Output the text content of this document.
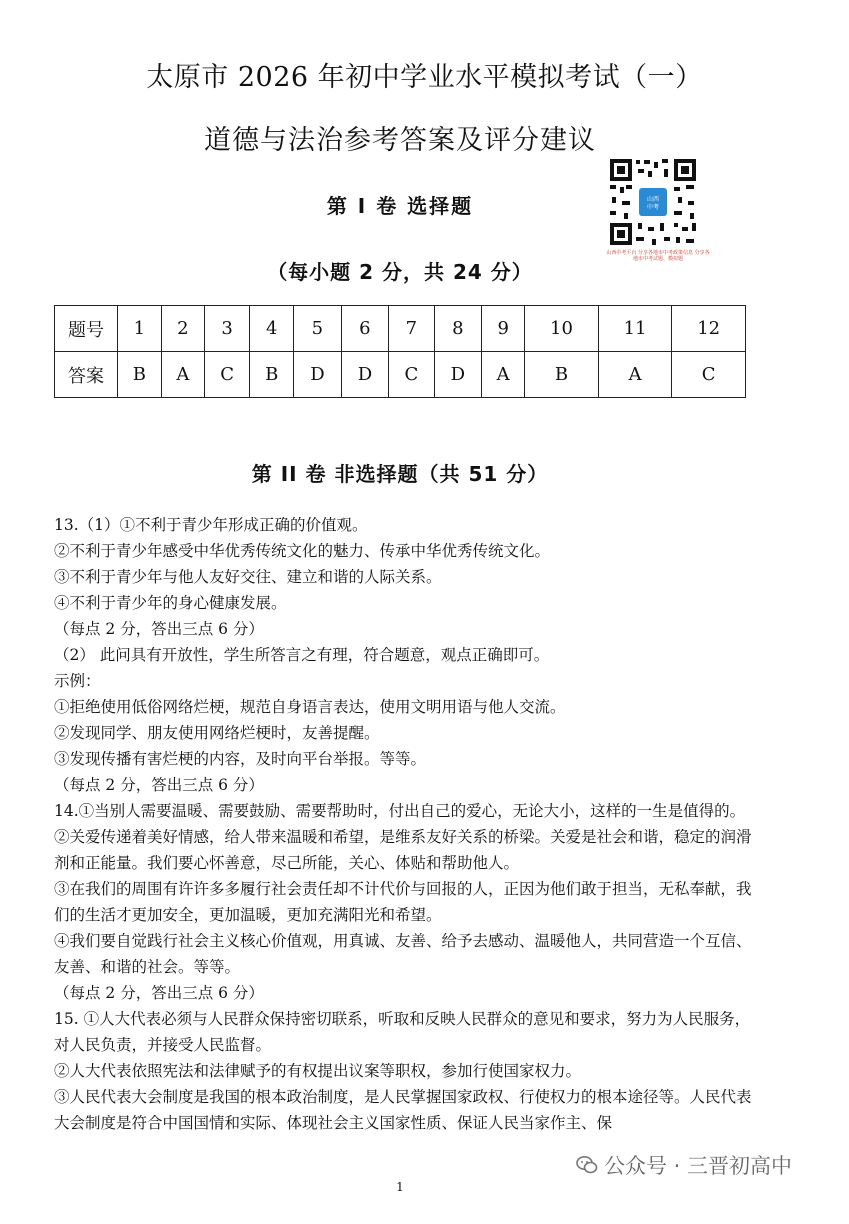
太原市 2026 年初中学业水平模拟考试（一）
道德与法治参考答案及评分建议
山西
中考
山西中考平台 分享各地市中考政策信息 分享各地市中考试题、模拟题
第 I 卷 选择题
（每小题 2 分，共 24 分）
题号	1	2	3	4	5	6	7	8	9	10	11	12
答案	B	A	C	B	D	D	C	D	A	B	A	C
第 II 卷 非选择题（共 51 分）

13.（1）①不利于青少年形成正确的价值观。

②不利于青少年感受中华优秀传统文化的魅力、传承中华优秀传统文化。

③不利于青少年与他人友好交往、建立和谐的人际关系。

④不利于青少年的身心健康发展。

（每点 2 分，答出三点 6 分）

（2） 此问具有开放性，学生所答言之有理，符合题意，观点正确即可。

示例：

①拒绝使用低俗网络烂梗，规范自身语言表达，使用文明用语与他人交流。

②发现同学、朋友使用网络烂梗时，友善提醒。

③发现传播有害烂梗的内容，及时向平台举报。等等。

（每点 2 分，答出三点 6 分）

14.①当别人需要温暖、需要鼓励、需要帮助时，付出自己的爱心，无论大小，这样的一生是值得的。

②关爱传递着美好情感，给人带来温暖和希望，是维系友好关系的桥梁。关爱是社会和谐，稳定的润滑剂和正能量。我们要心怀善意，尽己所能，关心、体贴和帮助他人。

③在我们的周围有许许多多履行社会责任却不计代价与回报的人，正因为他们敢于担当，无私奉献，我们的生活才更加安全，更加温暖，更加充满阳光和希望。

④我们要自觉践行社会主义核心价值观，用真诚、友善、给予去感动、温暖他人，共同营造一个互信、友善、和谐的社会。等等。

（每点 2 分，答出三点 6 分）

15. ①人大代表必须与人民群众保持密切联系，听取和反映人民群众的意见和要求，努力为人民服务，对人民负责，并接受人民监督。

②人大代表依照宪法和法律赋予的有权提出议案等职权，参加行使国家权力。

③人民代表大会制度是我国的根本政治制度，是人民掌握国家政权、行使权力的根本途径等。人民代表大会制度是符合中国国情和实际、体现社会主义国家性质、保证人民当家作主、保

1
公众号 · 三晋初高中
